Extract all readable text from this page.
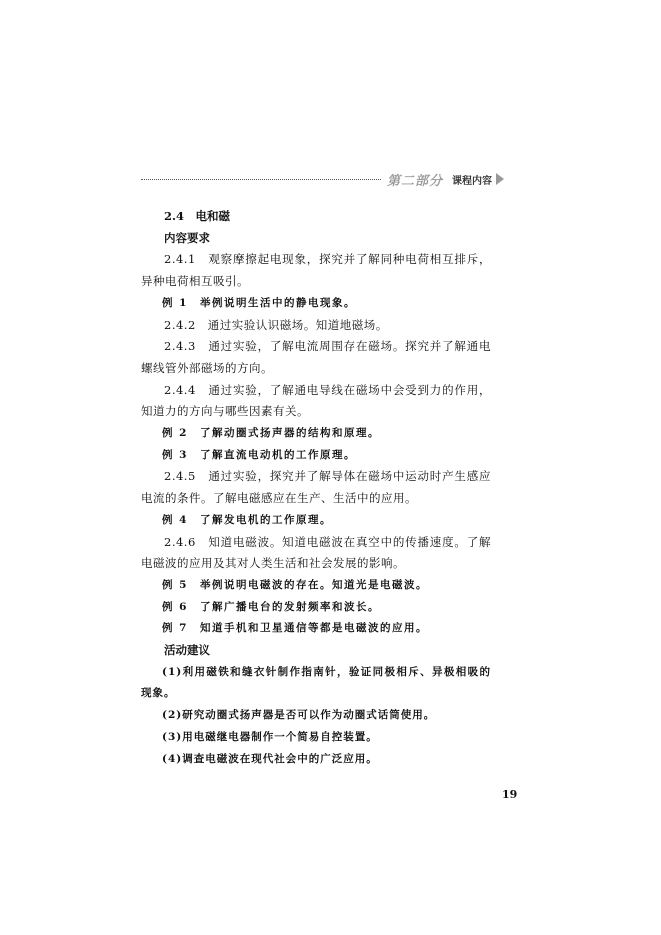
第二部分 课程内容

2.4　电和磁

内容要求

2.4.1　观察摩擦起电现象，探究并了解同种电荷相互排斥，异种电荷相互吸引。

例 1　举例说明生活中的静电现象。

2.4.2　通过实验认识磁场。知道地磁场。

2.4.3　通过实验，了解电流周围存在磁场。探究并了解通电螺线管外部磁场的方向。

2.4.4　通过实验，了解通电导线在磁场中会受到力的作用，知道力的方向与哪些因素有关。

例 2　了解动圈式扬声器的结构和原理。

例 3　了解直流电动机的工作原理。

2.4.5　通过实验，探究并了解导体在磁场中运动时产生感应电流的条件。了解电磁感应在生产、生活中的应用。

例 4　了解发电机的工作原理。

2.4.6　知道电磁波。知道电磁波在真空中的传播速度。了解电磁波的应用及其对人类生活和社会发展的影响。

例 5　举例说明电磁波的存在。知道光是电磁波。

例 6　了解广播电台的发射频率和波长。

例 7　知道手机和卫星通信等都是电磁波的应用。

活动建议

(1)利用磁铁和缝衣针制作指南针，验证同极相斥、异极相吸的现象。

(2)研究动圈式扬声器是否可以作为动圈式话筒使用。

(3)用电磁继电器制作一个简易自控装置。

(4)调查电磁波在现代社会中的广泛应用。

19
